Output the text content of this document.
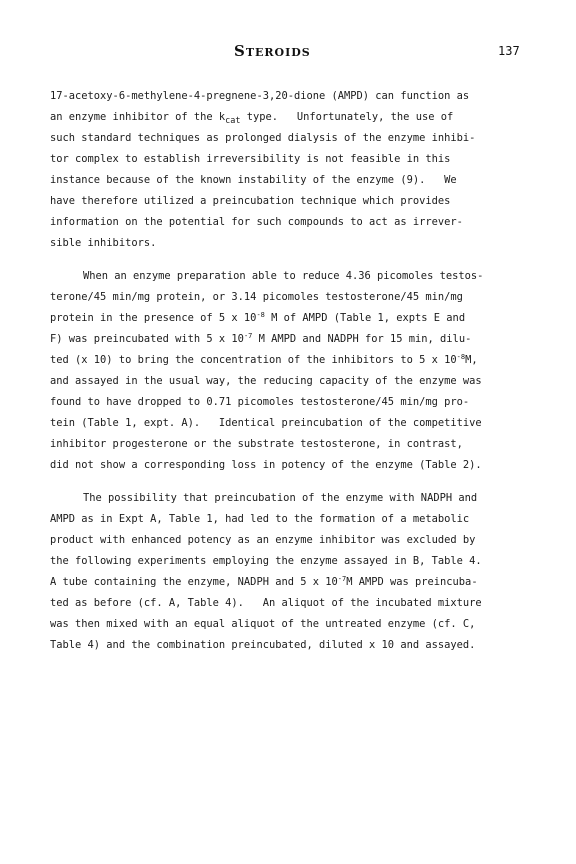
Steroids	137
17-acetoxy-6-methylene-4-pregnene-3,20-dione (AMPD) can function as
an enzyme inhibitor of the $k_{cat}$ type.   Unfortunately, the use of
such standard techniques as prolonged dialysis of the enzyme inhibi-
tor complex to establish irreversibility is not feasible in this
instance because of the known instability of the enzyme (9).   We
have therefore utilized a preincubation technique which provides
information on the potential for such compounds to act as irrever-
sible inhibitors.
When an enzyme preparation able to reduce 4.36 picomoles testos-
terone/45 min/mg protein, or 3.14 picomoles testosterone/45 min/mg
protein in the presence of 5 x $10^{-8}$ M of AMPD (Table 1, expts E and
F) was preincubated with 5 x $10^{-7}$ M AMPD and NADPH for 15 min, dilu-
ted (x 10) to bring the concentration of the inhibitors to 5 x $10^{-8}M$,
and assayed in the usual way, the reducing capacity of the enzyme was
found to have dropped to 0.71 picomoles testosterone/45 min/mg pro-
tein (Table 1, expt. A).   Identical preincubation of the competitive
inhibitor progesterone or the substrate testosterone, in contrast,
did not show a corresponding loss in potency of the enzyme (Table 2).
The possibility that preincubation of the enzyme with NADPH and
AMPD as in Expt A, Table 1, had led to the formation of a metabolic
product with enhanced potency as an enzyme inhibitor was excluded by
the following experiments employing the enzyme assayed in B, Table 4.
A tube containing the enzyme, NADPH and 5 x $10^{-7}M$ AMPD was preincuba-
ted as before (cf. A, Table 4).   An aliquot of the incubated mixture
was then mixed with an equal aliquot of the untreated enzyme (cf. C,
Table 4) and the combination preincubated, diluted x 10 and assayed.
